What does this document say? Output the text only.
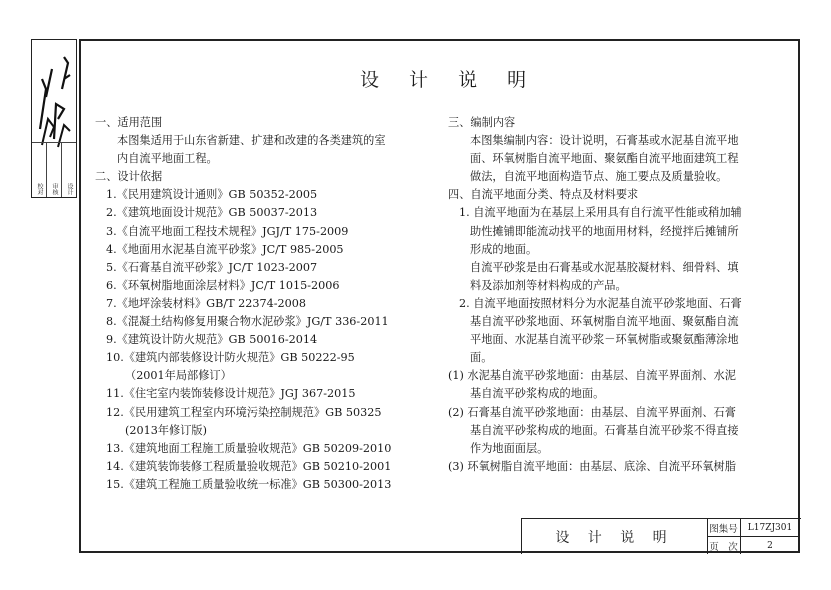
校对	审核	设计
设 计 说 明
一、适用范围
本图集适用于山东省新建、扩建和改建的各类建筑的室
内自流平地面工程。
二、设计依据
1.《民用建筑设计通则》GB 50352-2005
2.《建筑地面设计规范》GB 50037-2013
3.《自流平地面工程技术规程》JGJ/T 175-2009
4.《地面用水泥基自流平砂浆》JC/T 985-2005
5.《石膏基自流平砂浆》JC/T 1023-2007
6.《环氧树脂地面涂层材料》JC/T 1015-2006
7.《地坪涂装材料》GB/T 22374-2008
8.《混凝土结构修复用聚合物水泥砂浆》JG/T 336-2011
9.《建筑设计防火规范》GB 50016-2014
10.《建筑内部装修设计防火规范》GB 50222-95
（2001年局部修订）
11.《住宅室内装饰装修设计规范》JGJ 367-2015
12.《民用建筑工程室内环境污染控制规范》GB 50325
(2013年修订版)
13.《建筑地面工程施工质量验收规范》GB 50209-2010
14.《建筑装饰装修工程质量验收规范》GB 50210-2001
15.《建筑工程施工质量验收统一标准》GB 50300-2013
三、编制内容
本图集编制内容：设计说明，石膏基或水泥基自流平地
面、环氧树脂自流平地面、聚氨酯自流平地面建筑工程
做法，自流平地面构造节点、施工要点及质量验收。
四、自流平地面分类、特点及材料要求
1. 自流平地面为在基层上采用具有自行流平性能或稍加辅
助性摊铺即能流动找平的地面用材料，经搅拌后摊铺所
形成的地面。
自流平砂浆是由石膏基或水泥基胶凝材料、细骨料、填
料及添加剂等材料构成的产品。
2. 自流平地面按照材料分为水泥基自流平砂浆地面、石膏
基自流平砂浆地面、环氧树脂自流平地面、聚氨酯自流
平地面、水泥基自流平砂浆－环氧树脂或聚氨酯薄涂地
面。
(1) 水泥基自流平砂浆地面：由基层、自流平界面剂、水泥
基自流平砂浆构成的地面。
(2) 石膏基自流平砂浆地面：由基层、自流平界面剂、石膏
基自流平砂浆构成的地面。石膏基自流平砂浆不得直接
作为地面面层。
(3) 环氧树脂自流平地面：由基层、底涂、自流平环氧树脂
设 计 说 明
图集号	L17ZJ301
页　次	2
